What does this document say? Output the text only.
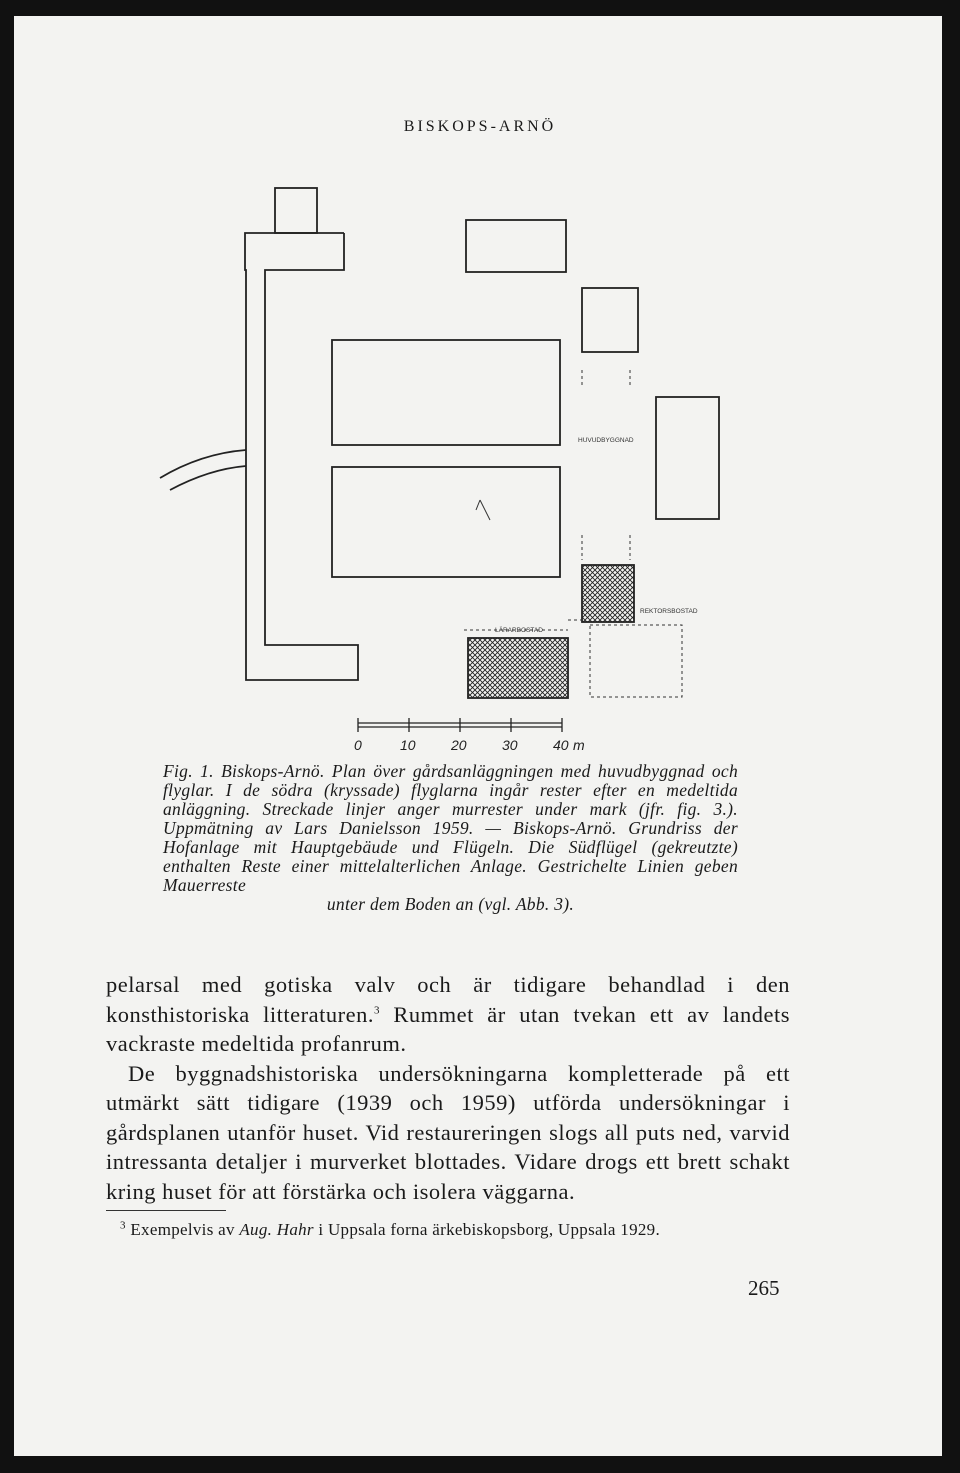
BISKOPS-ARNÖ
HUVUDBYGGNAD
REKTORSBOSTAD
LÄRARBOSTAD
0	10	20	30	40 m
Fig. 1. Biskops-Arnö. Plan över gårdsanläggningen med huvudbyggnad och flyglar. I de södra (kryssade) flyglarna ingår rester efter en medeltida anläggning. Streckade linjer anger murrester under mark (jfr. fig. 3.). Uppmätning av Lars Danielsson 1959. — Biskops-Arnö. Grundriss der Hofanlage mit Hauptgebäude und Flügeln. Die Südflügel (gekreutzte) enthalten Reste einer mittelalterlichen Anlage. Gestrichelte Linien geben Mauerreste
unter dem Boden an (vgl. Abb. 3).

pelarsal med gotiska valv och är tidigare behandlad i den konsthistoriska litteraturen.$^3$ Rummet är utan tvekan ett av landets vackraste medeltida profanrum.

De byggnadshistoriska undersökningarna kompletterade på ett utmärkt sätt tidigare (1939 och 1959) utförda undersökningar i gårdsplanen utanför huset. Vid restaureringen slogs all puts ned, varvid intressanta detaljer i murverket blottades. Vidare drogs ett brett schakt kring huset för att förstärka och isolera väggarna.

$^3$ Exempelvis av Aug. Hahr i Uppsala forna ärkebiskopsborg, Uppsala 1929.
265
